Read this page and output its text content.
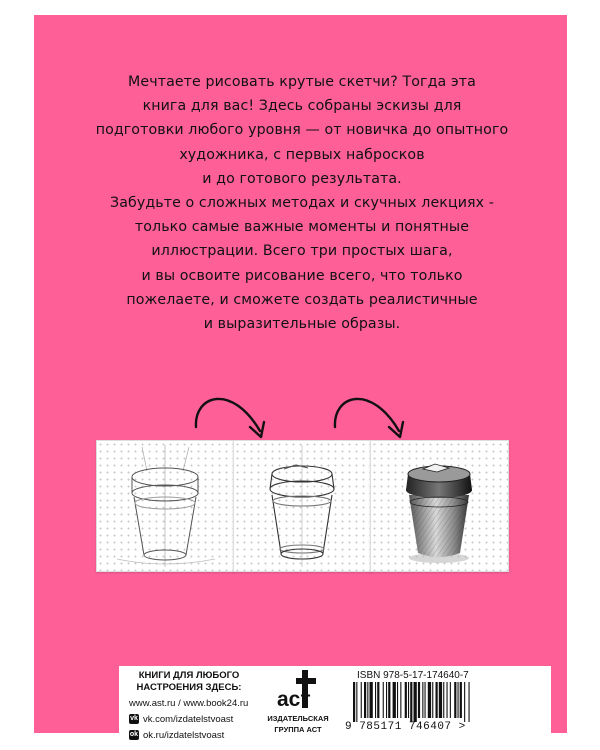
Мечтаете рисовать крутые скетчи? Тогда эта
книга для вас! Здесь собраны эскизы для
подготовки любого уровня — от новичка до опытного
художника, с первых набросков
и до готового результата.
Забудьте о сложных методах и скучных лекциях -
только самые важные моменты и понятные
иллюстрации. Всего три простых шага,
и вы освоите рисование всего, что только
пожелаете, и сможете создать реалистичные
и выразительные образы.
КНИГИ ДЛЯ ЛЮБОГО
НАСТРОЕНИЯ ЗДЕСЬ:
www.ast.ru / www.book24.ru
vk vk.com/izdatelstvoast
ok ok.ru/izdatelstvoast
аст
ИЗДАТЕЛЬСКАЯ
ГРУППА АСТ
ISBN 978-5-17-174640-7
9 785171 746407 >
